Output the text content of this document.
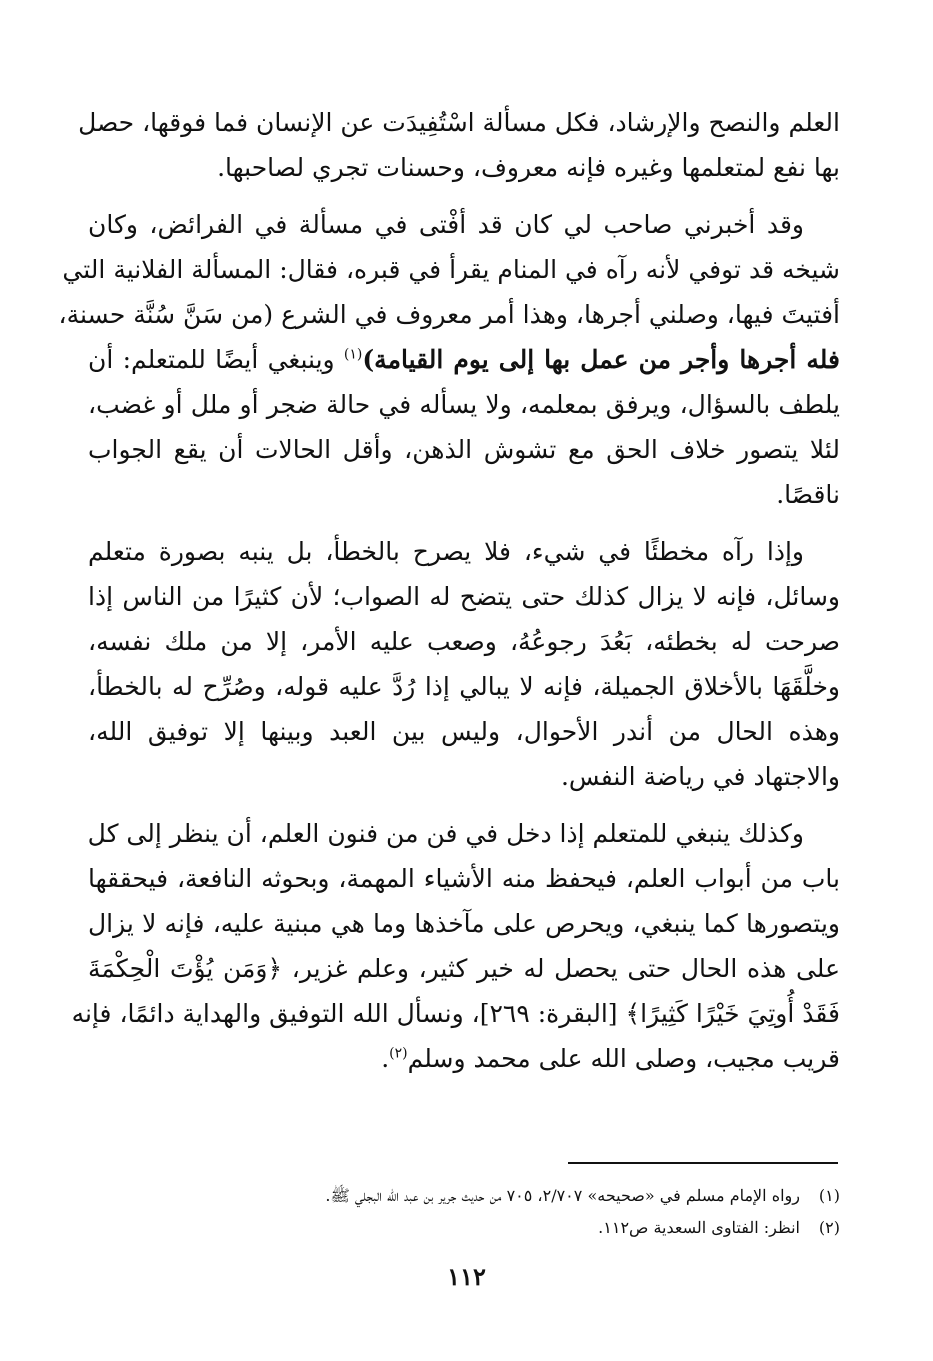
العلم والنصح والإرشاد، فكل مسألة اسْتُفِيدَت عن الإنسان فما فوقها، حصل
بها نفع لمتعلمها وغيره فإنه معروف، وحسنات تجري لصاحبها.
وقد أخبرني صاحب لي كان قد أفْتى في مسألة في الفرائض، وكان
شيخه قد توفي لأنه رآه في المنام يقرأ في قبره، فقال: المسألة الفلانية التي
أفتيتَ فيها، وصلني أجرها، وهذا أمر معروف في الشرع (من سَنَّ سُنَّة حسنة،
فله أجرها وأجر من عمل بها إلى يوم القيامة)$^{(١)}$ وينبغي أيضًا للمتعلم: أن
يلطف بالسؤال، ويرفق بمعلمه، ولا يسأله في حالة ضجر أو ملل أو غضب،
لئلا يتصور خلاف الحق مع تشوش الذهن، وأقل الحالات أن يقع الجواب
ناقصًا.
وإذا رآه مخطئًا في شيء، فلا يصرح بالخطأ، بل ينبه بصورة متعلم
وسائل، فإنه لا يزال كذلك حتى يتضح له الصواب؛ لأن كثيرًا من الناس إذا
صرحت له بخطئه، بَعُدَ رجوعُهُ، وصعب عليه الأمر، إلا من ملك نفسه،
وخلَّقَهَا بالأخلاق الجميلة، فإنه لا يبالي إذا رُدَّ عليه قوله، وصُرِّح له بالخطأ،
وهذه الحال من أندر الأحوال، وليس بين العبد وبينها إلا توفيق الله،
والاجتهاد في رياضة النفس.
وكذلك ينبغي للمتعلم إذا دخل في فن من فنون العلم، أن ينظر إلى كل
باب من أبواب العلم، فيحفظ منه الأشياء المهمة، وبحوثه النافعة، فيحققها
ويتصورها كما ينبغي، ويحرص على مآخذها وما هي مبنية عليه، فإنه لا يزال
على هذه الحال حتى يحصل له خير كثير، وعلم غزير، ﴿وَمَن يُؤْتَ الْحِكْمَةَ
فَقَدْ أُوتِيَ خَيْرًا كَثِيرًا﴾ [البقرة: ٢٦٩]، ونسأل الله التوفيق والهداية دائمًا، فإنه
قريب مجيب، وصلى الله على محمد وسلم$^{(٢)}$.
(١)رواه الإمام مسلم في «صحيحه» ٢/٧٠٧، ٧٠٥ من حديث جرير بن عبد الله البجلي ﷺ.
(٢)انظر: الفتاوى السعدية ص١١٢.
١١٢
